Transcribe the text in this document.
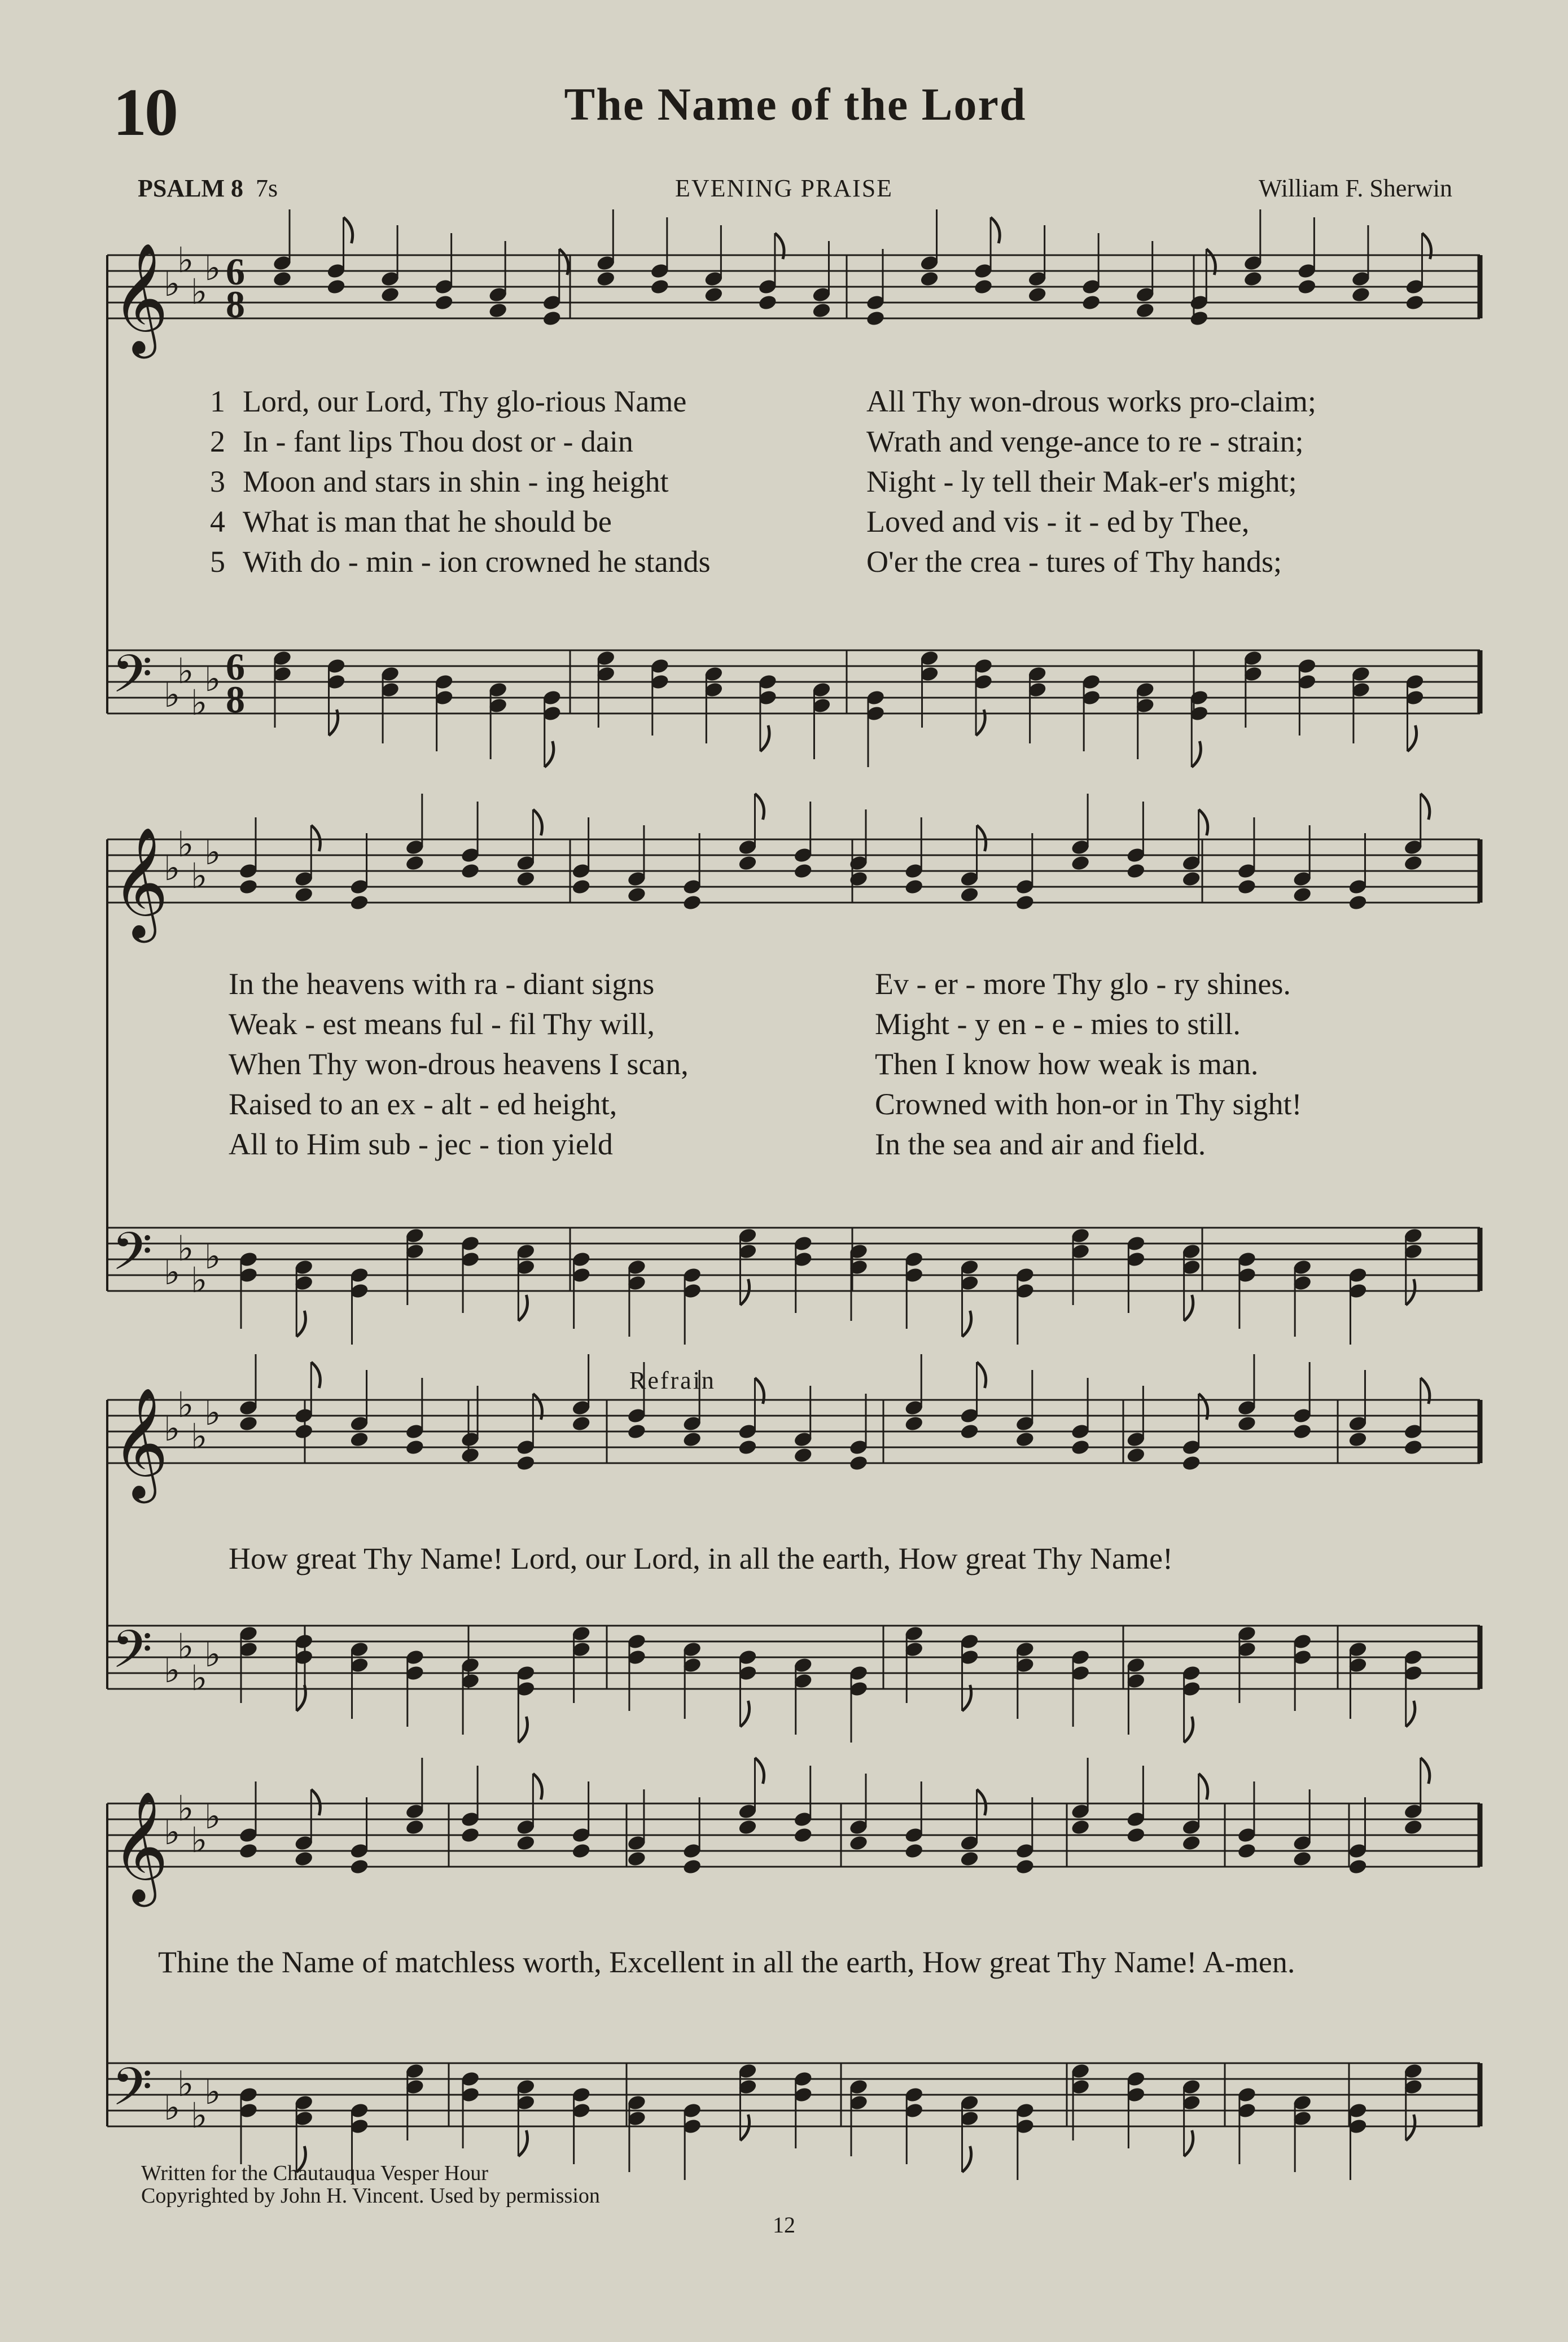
10	The Name of the Lord
PSALM 8 7s	EVENING PRAISE	William F. Sherwin
𝄞
♭
♭
♭
♭ 6
8
𝄢 ♭
♭
♭
♭ 6
8
𝄞
♭
♭
♭
♭
𝄢 ♭
♭
♭
♭
𝄞
♭
♭
♭
♭
𝄢 ♭
♭
♭
♭
𝄞
♭
♭
♭
♭
𝄢 ♭
♭
♭
♭
1 Lord, our Lord, Thy glo-rious Name	All Thy won-drous works pro-claim;
2 In - fant lips Thou dost or - dain	Wrath and venge-ance to re - strain;
3 Moon and stars in shin - ing height	Night - ly tell their Mak-er's might;
4 What is man that he should be	Loved and vis - it - ed by Thee,
5 With do - min - ion crowned he stands	O'er the crea - tures of Thy hands;
In the heavens with ra - diant signs	Ev - er - more Thy glo - ry shines.
Weak - est means ful - fil Thy will,	Might - y en - e - mies to still.
When Thy won-drous heavens I scan,	Then I know how weak is man.
Raised to an ex - alt - ed height,	Crowned with hon-or in Thy sight!
All to Him sub - jec - tion yield	In the sea and air and field.
Refrain
How great Thy Name! Lord, our Lord, in all the earth, How great Thy Name!
Thine the Name of matchless worth, Excellent in all the earth, How great Thy Name! A-men.
Written for the Chautauqua Vesper Hour
Copyrighted by John H. Vincent. Used by permission
12
